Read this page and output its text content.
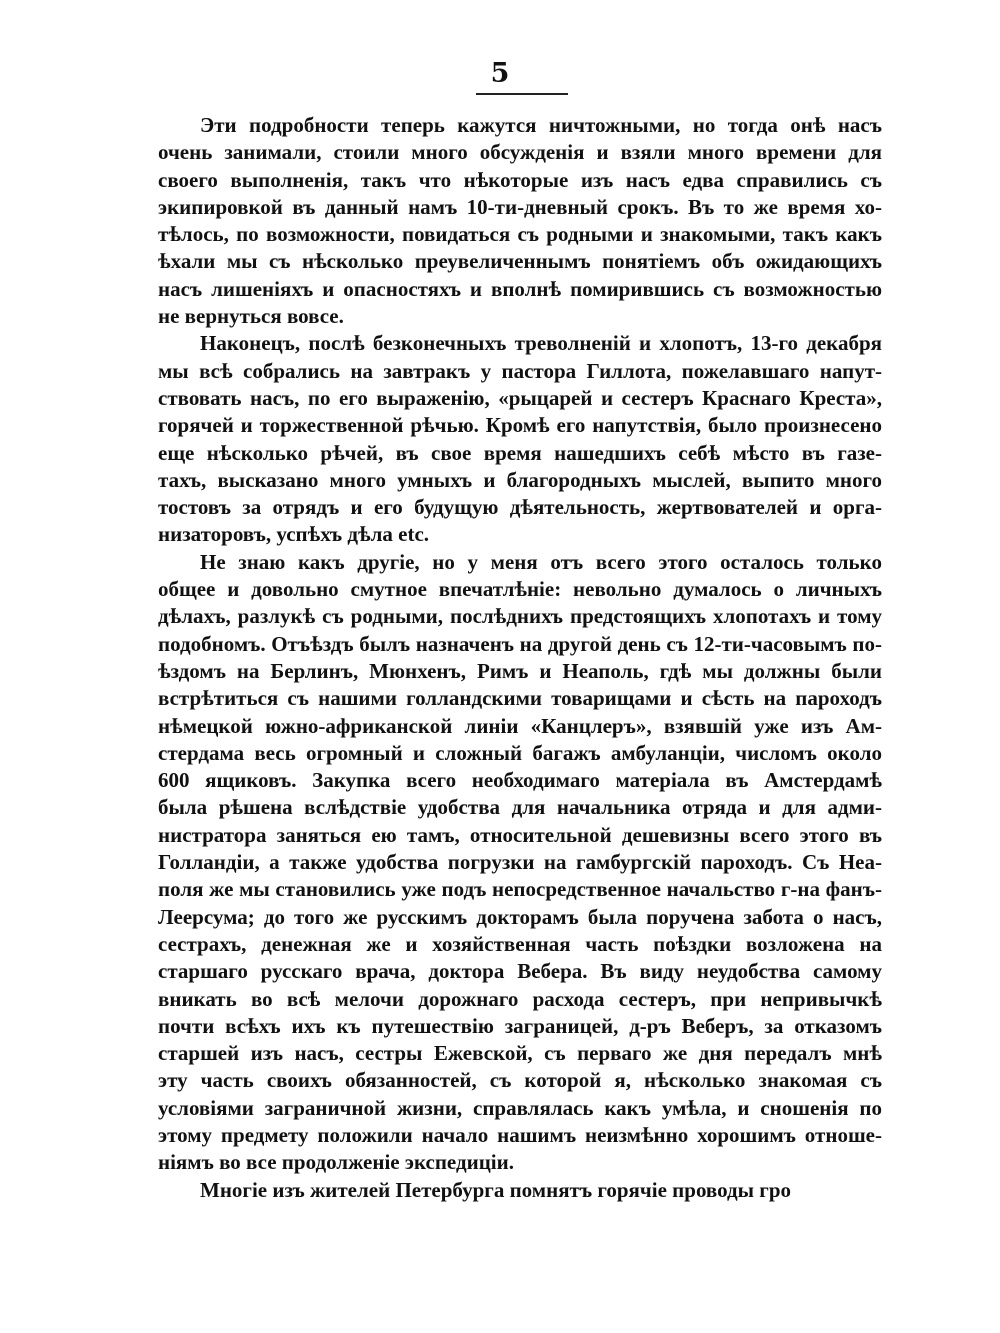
5
Эти подробности теперь кажутся ничтожными, но тогда онѣ насъ
очень занимали, стоили много обсужденія и взяли много времени для
своего выполненія, такъ что нѣкоторые изъ насъ едва справились съ
экипировкой въ данный намъ 10-ти-дневный срокъ. Въ то же время хо-
тѣлось, по возможности, повидаться съ родными и знакомыми, такъ какъ
ѣхали мы съ нѣсколько преувеличеннымъ понятіемъ объ ожидающихъ
насъ лишеніяхъ и опасностяхъ и вполнѣ помирившись съ возможностью
не вернуться вовсе.
Наконецъ, послѣ безконечныхъ треволненій и хлопотъ, 13-го декабря
мы всѣ собрались на завтракъ у пастора Гиллота, пожелавшаго напут-
ствовать насъ, по его выраженію, «рыцарей и сестеръ Краснаго Креста»,
горячей и торжественной рѣчью. Кромѣ его напутствія, было произнесено
еще нѣсколько рѣчей, въ свое время нашедшихъ себѣ мѣсто въ газе-
тахъ, высказано много умныхъ и благородныхъ мыслей, выпито много
тостовъ за отрядъ и его будущую дѣятельность, жертвователей и орга-
низаторовъ, успѣхъ дѣла etc.
Не знаю какъ другіе, но у меня отъ всего этого осталось только
общее и довольно смутное впечатлѣніе: невольно думалось о личныхъ
дѣлахъ, разлукѣ съ родными, послѣднихъ предстоящихъ хлопотахъ и тому
подобномъ. Отъѣздъ былъ назначенъ на другой день съ 12-ти-часовымъ по-
ѣздомъ на Берлинъ, Мюнхенъ, Римъ и Неаполь, гдѣ мы должны были
встрѣтиться съ нашими голландскими товарищами и сѣсть на пароходъ
нѣмецкой южно-африканской линіи «Канцлеръ», взявшій уже изъ Ам-
стердама весь огромный и сложный багажъ амбуланціи, числомъ около
600 ящиковъ. Закупка всего необходимаго матеріала въ Амстердамѣ
была рѣшена вслѣдствіе удобства для начальника отряда и для адми-
нистратора заняться ею тамъ, относительной дешевизны всего этого въ
Голландіи, а также удобства погрузки на гамбургскій пароходъ. Съ Неа-
поля же мы становились уже подъ непосредственное начальство г-на фанъ-
Леерсума; до того же русскимъ докторамъ была поручена забота о насъ,
сестрахъ, денежная же и хозяйственная часть поѣздки возложена на
старшаго русскаго врача, доктора Вебера. Въ виду неудобства самому
вникать во всѣ мелочи дорожнаго расхода сестеръ, при непривычкѣ
почти всѣхъ ихъ къ путешествію заграницей, д-ръ Веберъ, за отказомъ
старшей изъ насъ, сестры Ежевской, съ перваго же дня передалъ мнѣ
эту часть своихъ обязанностей, съ которой я, нѣсколько знакомая съ
условіями заграничной жизни, справлялась какъ умѣла, и сношенія по
этому предмету положили начало нашимъ неизмѣнно хорошимъ отноше-
ніямъ во все продолженіе экспедиціи.
Многіе изъ жителей Петербурга помнятъ горячіе проводы гро
